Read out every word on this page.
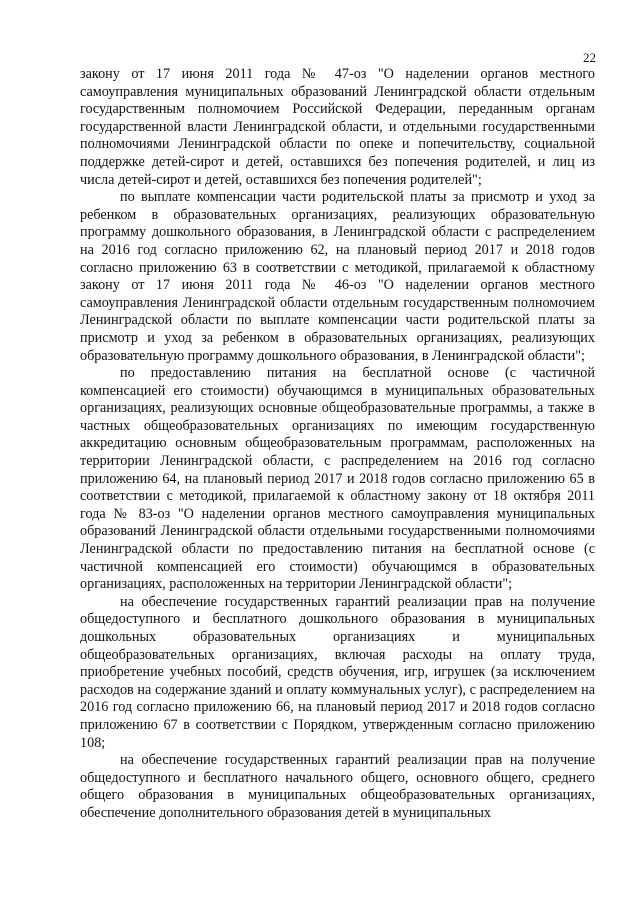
22

закону от 17 июня 2011 года № 47-оз "О наделении органов местного самоуправления муниципальных образований Ленинградской области отдельным государственным полномочием Российской Федерации, переданным органам государственной власти Ленинградской области, и отдельными государственными полномочиями Ленинградской области по опеке и попечительству, социальной поддержке детей-сирот и детей, оставшихся без попечения родителей, и лиц из числа детей-сирот и детей, оставшихся без попечения родителей";

по выплате компенсации части родительской платы за присмотр и уход за ребенком в образовательных организациях, реализующих образовательную программу дошкольного образования, в Ленинградской области с распределением на 2016 год согласно приложению 62, на плановый период 2017 и 2018 годов согласно приложению 63 в соответствии с методикой, прилагаемой к областному закону от 17 июня 2011 года № 46-оз "О наделении органов местного самоуправления Ленинградской области отдельным государственным полномочием Ленинградской области по выплате компенсации части родительской платы за присмотр и уход за ребенком в образовательных организациях, реализующих образовательную программу дошкольного образования, в Ленинградской области";

по предоставлению питания на бесплатной основе (с частичной компенсацией его стоимости) обучающимся в муниципальных образовательных организациях, реализующих основные общеобразовательные программы, а также в частных общеобразовательных организациях по имеющим государственную аккредитацию основным общеобразовательным программам, расположенных на территории Ленинградской области, с распределением на 2016 год согласно приложению 64, на плановый период 2017 и 2018 годов согласно приложению 65 в соответствии с методикой, прилагаемой к областному закону от 18 октября 2011 года № 83-оз "О наделении органов местного самоуправления муниципальных образований Ленинградской области отдельными государственными полномочиями Ленинградской области по предоставлению питания на бесплатной основе (с частичной компенсацией его стоимости) обучающимся в образовательных организациях, расположенных на территории Ленинградской области";

на обеспечение государственных гарантий реализации прав на получение общедоступного и бесплатного дошкольного образования в муниципальных дошкольных образовательных организациях и муниципальных общеобразовательных организациях, включая расходы на оплату труда, приобретение учебных пособий, средств обучения, игр, игрушек (за исключением расходов на содержание зданий и оплату коммунальных услуг), с распределением на 2016 год согласно приложению 66, на плановый период 2017 и 2018 годов согласно приложению 67 в соответствии с Порядком, утвержденным согласно приложению 108;

на обеспечение государственных гарантий реализации прав на получение общедоступного и бесплатного начального общего, основного общего, среднего общего образования в муниципальных общеобразовательных организациях, обеспечение дополнительного образования детей в муниципальных
